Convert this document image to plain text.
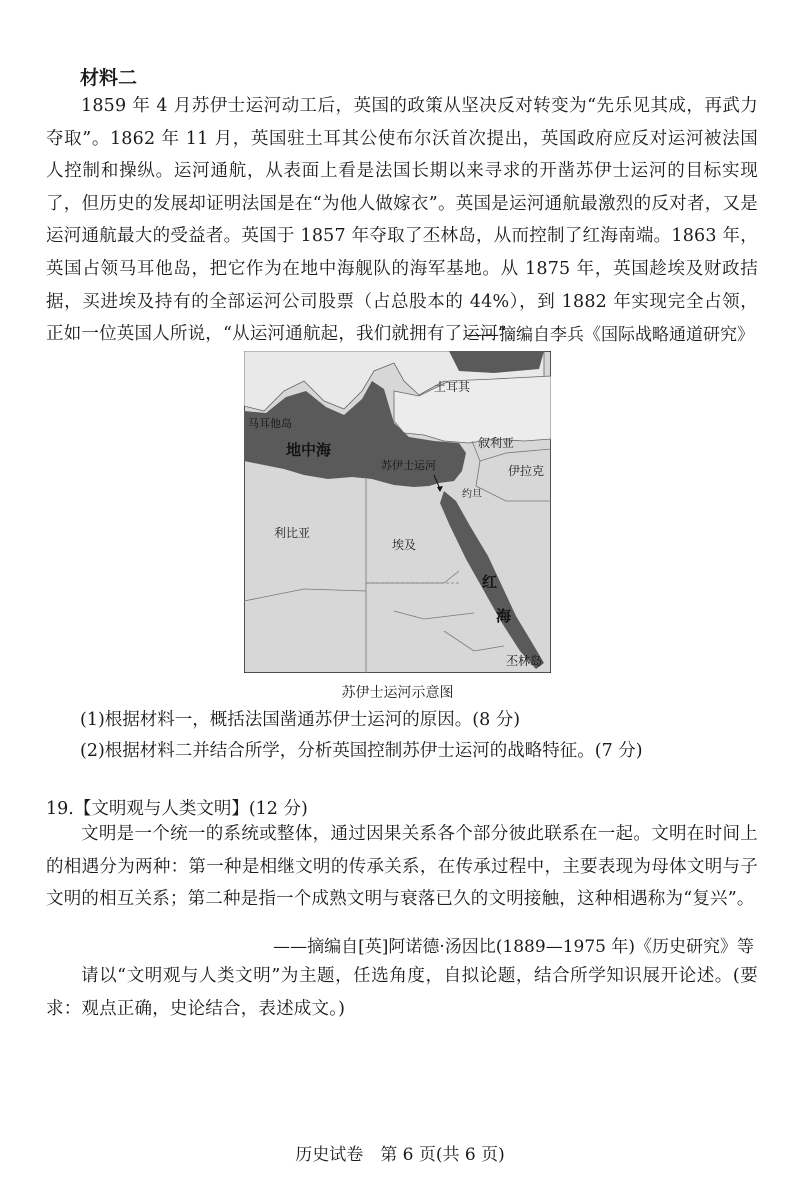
材料二
1859 年 4 月苏伊士运河动工后，英国的政策从坚决反对转变为“先乐见其成，再武力夺取”。1862 年 11 月，英国驻土耳其公使布尔沃首次提出，英国政府应反对运河被法国人控制和操纵。运河通航，从表面上看是法国长期以来寻求的开凿苏伊士运河的目标实现了，但历史的发展却证明法国是在“为他人做嫁衣”。英国是运河通航最激烈的反对者，又是运河通航最大的受益者。英国于 1857 年夺取了丕林岛，从而控制了红海南端。1863 年，英国占领马耳他岛，把它作为在地中海舰队的海军基地。从 1875 年，英国趁埃及财政拮据，买进埃及持有的全部运河公司股票（占总股本的 44%），到 1882 年实现完全占领，正如一位英国人所说，“从运河通航起，我们就拥有了运河”。
——摘编自李兵《国际战略通道研究》
土耳其
马耳他岛
地中海	叙利亚
伊拉克
苏伊士运河
约旦
利比亚
埃及
红
海
丕林岛
苏伊士运河示意图
(1)根据材料一，概括法国凿通苏伊士运河的原因。(8 分)
(2)根据材料二并结合所学，分析英国控制苏伊士运河的战略特征。(7 分)
19.【文明观与人类文明】(12 分)
文明是一个统一的系统或整体，通过因果关系各个部分彼此联系在一起。文明在时间上的相遇分为两种：第一种是相继文明的传承关系，在传承过程中，主要表现为母体文明与子文明的相互关系；第二种是指一个成熟文明与衰落已久的文明接触，这种相遇称为“复兴”。
——摘编自[英]阿诺德·汤因比(1889—1975 年)《历史研究》等
请以“文明观与人类文明”为主题，任选角度，自拟论题，结合所学知识展开论述。(要求：观点正确，史论结合，表述成文。)
历史试卷　第 6 页(共 6 页)
